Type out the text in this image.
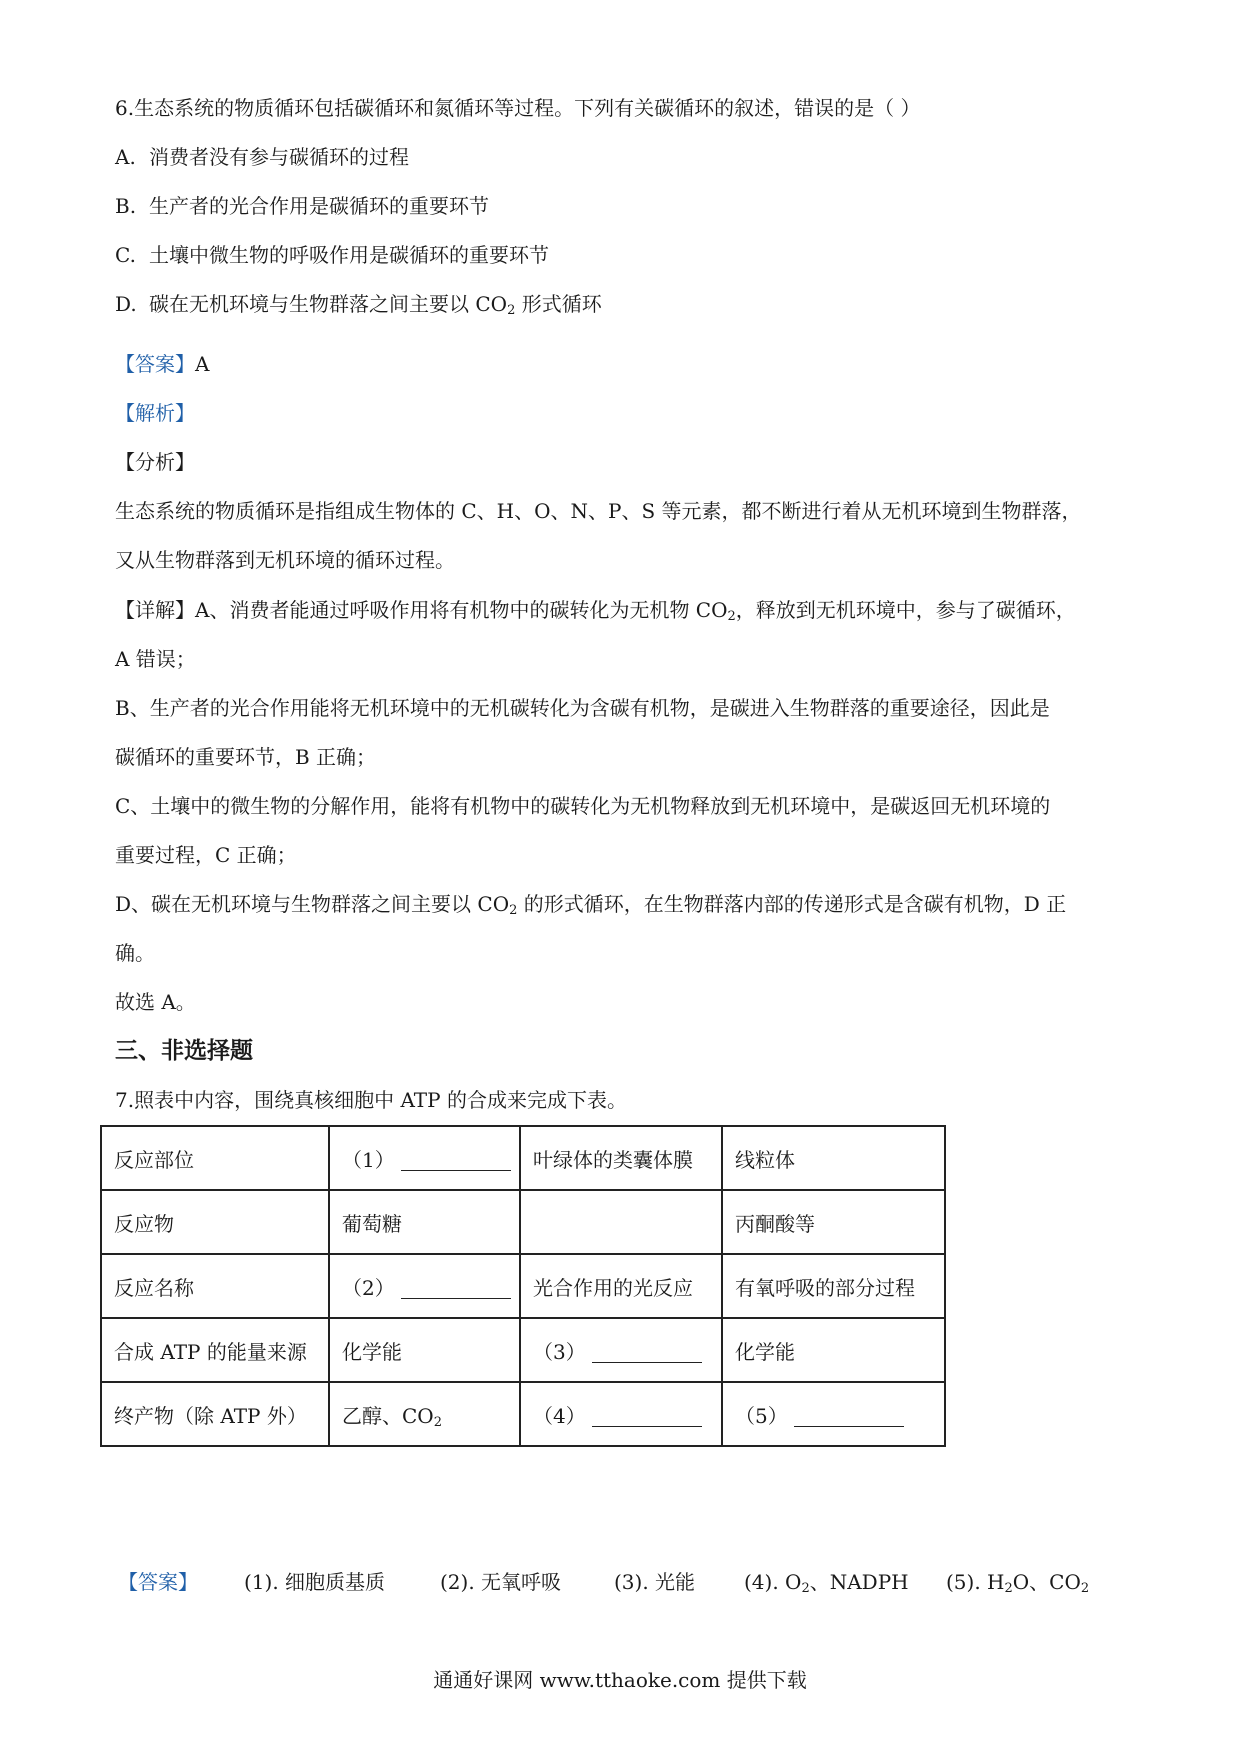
6.生态系统的物质循环包括碳循环和氮循环等过程。下列有关碳循环的叙述，错误的是（ ）
A. 消费者没有参与碳循环的过程
B. 生产者的光合作用是碳循环的重要环节
C. 土壤中微生物的呼吸作用是碳循环的重要环节
D. 碳在无机环境与生物群落之间主要以 $CO_2$ 形式循环
【答案】A
【解析】
【分析】
生态系统的物质循环是指组成生物体的 C、H、O、N、P、S 等元素，都不断进行着从无机环境到生物群落，
又从生物群落到无机环境的循环过程。
【详解】A、消费者能通过呼吸作用将有机物中的碳转化为无机物 $CO_2$，释放到无机环境中，参与了碳循环，
A 错误；
B、生产者的光合作用能将无机环境中的无机碳转化为含碳有机物，是碳进入生物群落的重要途径，因此是
碳循环的重要环节，B 正确；
C、土壤中的微生物的分解作用，能将有机物中的碳转化为无机物释放到无机环境中，是碳返回无机环境的
重要过程，C 正确；
D、碳在无机环境与生物群落之间主要以 $CO_2$ 的形式循环，在生物群落内部的传递形式是含碳有机物，D 正
确。
故选 A。
三、非选择题
7.照表中内容，围绕真核细胞中 ATP 的合成来完成下表。
反应部位	（1）	叶绿体的类囊体膜	线粒体
反应物	葡萄糖		丙酮酸等
反应名称	（2）	光合作用的光反应	有氧呼吸的部分过程
合成 ATP 的能量来源	化学能	（3）	化学能
终产物（除 ATP 外）	乙醇、$CO_2$	（4）	（5）
【答案】 (1). 细胞质基质	(2). 无氧呼吸	(3). 光能 (4). $O_2$、NADPH (5). $H_2O$、$CO_2$
通通好课网 www.tthaoke.com 提供下载
